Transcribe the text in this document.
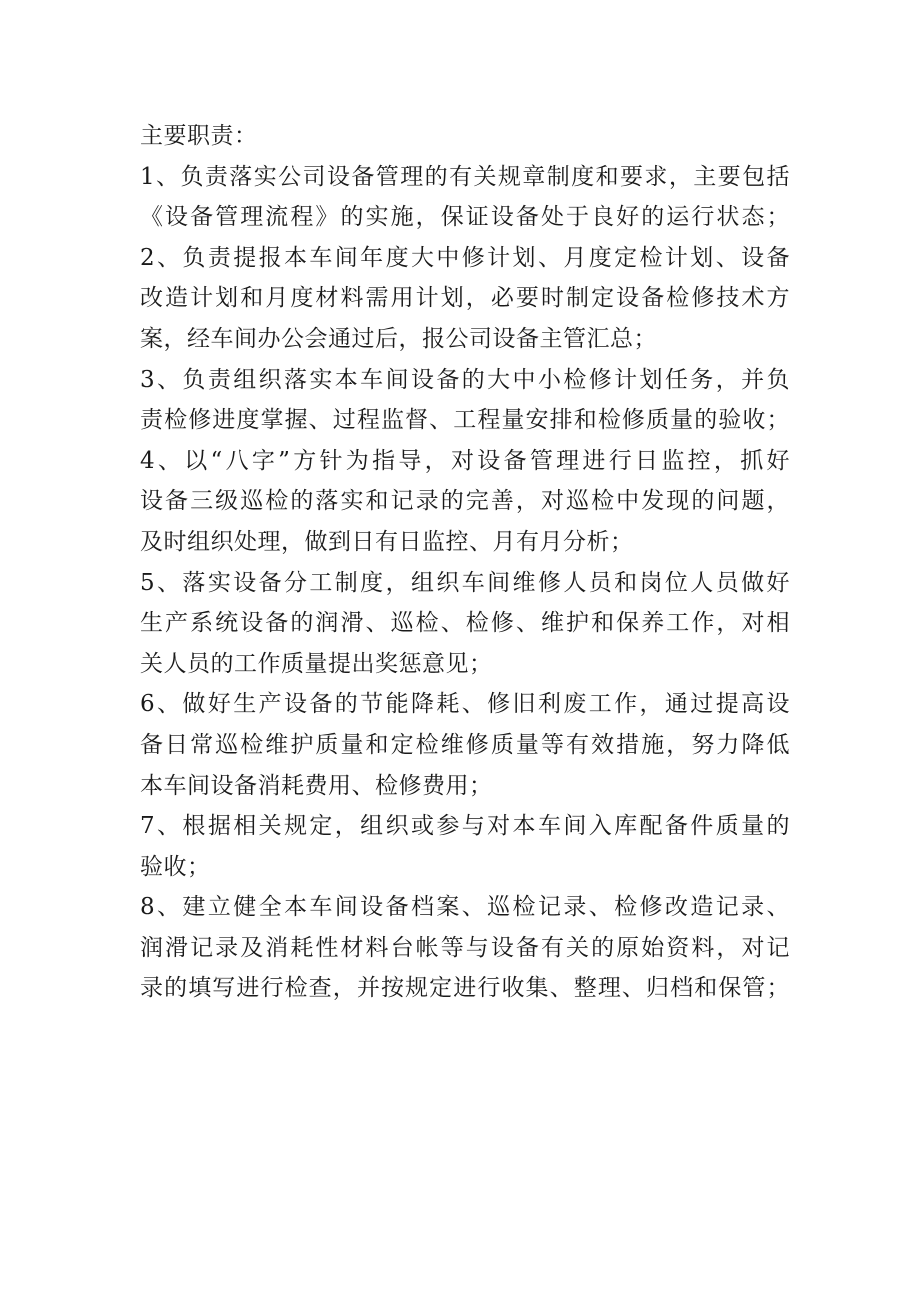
主要职责：
1、负责落实公司设备管理的有关规章制度和要求，主要包括
《设备管理流程》的实施，保证设备处于良好的运行状态；
2、负责提报本车间年度大中修计划、月度定检计划、设备
改造计划和月度材料需用计划，必要时制定设备检修技术方
案，经车间办公会通过后，报公司设备主管汇总；
3、负责组织落实本车间设备的大中小检修计划任务，并负
责检修进度掌握、过程监督、工程量安排和检修质量的验收；
4、以“八字”方针为指导，对设备管理进行日监控，抓好
设备三级巡检的落实和记录的完善，对巡检中发现的问题，
及时组织处理，做到日有日监控、月有月分析；
5、落实设备分工制度，组织车间维修人员和岗位人员做好
生产系统设备的润滑、巡检、检修、维护和保养工作，对相
关人员的工作质量提出奖惩意见；
6、做好生产设备的节能降耗、修旧利废工作，通过提高设
备日常巡检维护质量和定检维修质量等有效措施，努力降低
本车间设备消耗费用、检修费用；
7、根据相关规定，组织或参与对本车间入库配备件质量的
验收；
8、建立健全本车间设备档案、巡检记录、检修改造记录、
润滑记录及消耗性材料台帐等与设备有关的原始资料，对记
录的填写进行检查，并按规定进行收集、整理、归档和保管；
